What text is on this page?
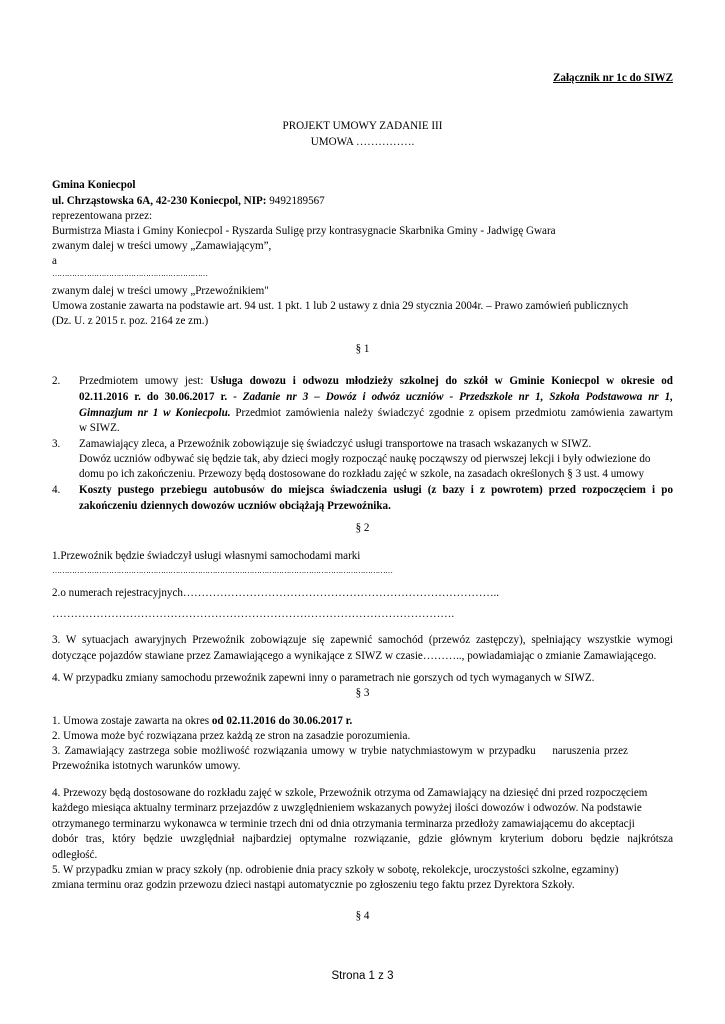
Załącznik nr 1c do SIWZ
PROJEKT UMOWY ZADANIE III
UMOWA …………….
Gmina Koniecpol
ul. Chrząstowska 6A, 42-230 Koniecpol, NIP: 9492189567
reprezentowana przez:
Burmistrza Miasta i Gminy Koniecpol - Ryszarda Suligę przy kontrasygnacie Skarbnika Gminy - Jadwigę Gwara
zwanym dalej w treści umowy „Zamawiającym”,
a
………………………………………………………
zwanym dalej w treści umowy „Przewoźnikiem"
Umowa zostanie zawarta na podstawie art. 94 ust. 1 pkt. 1 lub 2 ustawy z dnia 29 stycznia 2004r. – Prawo zamówień publicznych
(Dz. U. z 2015 r. poz. 2164 ze zm.)
§ 1
2. Przedmiotem umowy jest: Usługa dowozu i odwozu młodzieży szkolnej do szkół w Gminie Koniecpol w okresie od
02.11.2016 r. do 30.06.2017 r. - Zadanie nr 3 – Dowóz i odwóz uczniów - Przedszkole nr 1, Szkoła Podstawowa nr 1,
Gimnazjum nr 1 w Koniecpolu. Przedmiot zamówienia należy świadczyć zgodnie z opisem przedmiotu zamówienia zawartym
w SIWZ.
3. Zamawiający zleca, a Przewoźnik zobowiązuje się świadczyć usługi transportowe na trasach wskazanych w SIWZ.
Dowóz uczniów odbywać się będzie tak, aby dzieci mogły rozpocząć naukę począwszy od pierwszej lekcji i były odwiezione do
domu po ich zakończeniu. Przewozy będą dostosowane do rozkładu zajęć w szkole, na zasadach określonych § 3 ust. 4 umowy
4. Koszty pustego przebiegu autobusów do miejsca świadczenia usługi (z bazy i z powrotem) przed rozpoczęciem i po
zakończeniu dziennych dowozów uczniów obciążają Przewoźnika.
§ 2
1.Przewoźnik będzie świadczył usługi własnymi samochodami marki
…………………………………………………………………………………………………………………………
2.o numerach rejestracyjnych…………………………………………………………………………..
……………………………………………………………………………………………….
3. W sytuacjach awaryjnych Przewoźnik zobowiązuje się zapewnić samochód (przewóz zastępczy), spełniający wszystkie wymogi
dotyczące pojazdów stawiane przez Zamawiającego a wynikające z SIWZ w czasie……….., powiadamiając o zmianie Zamawiającego.
4. W przypadku zmiany samochodu przewoźnik zapewni inny o parametrach nie gorszych od tych wymaganych w SIWZ.
§ 3
1. Umowa zostaje zawarta na okres od 02.11.2016 do 30.06.2017 r.
2. Umowa może być rozwiązana przez każdą ze stron na zasadzie porozumienia.
3. Zamawiający zastrzega sobie możliwość rozwiązania umowy w trybie natychmiastowym w przypadku    naruszenia przez
Przewoźnika istotnych warunków umowy.
4. Przewozy będą dostosowane do rozkładu zajęć w szkole, Przewoźnik otrzyma od Zamawiający na dziesięć dni przed rozpoczęciem
każdego miesiąca aktualny terminarz przejazdów z uwzględnieniem wskazanych powyżej ilości dowozów i odwozów. Na podstawie
otrzymanego terminarzu wykonawca w terminie trzech dni od dnia otrzymania terminarza przedłoży zamawiającemu do akceptacji
dobór tras, który będzie uwzględniał najbardziej optymalne rozwiązanie, gdzie głównym kryterium doboru będzie najkrótsza
odległość.
5. W przypadku zmian w pracy szkoły (np. odrobienie dnia pracy szkoły w sobotę, rekolekcje, uroczystości szkolne, egzaminy)
zmiana terminu oraz godzin przewozu dzieci nastąpi automatycznie po zgłoszeniu tego faktu przez Dyrektora Szkoły.
§ 4
Strona 1 z 3
